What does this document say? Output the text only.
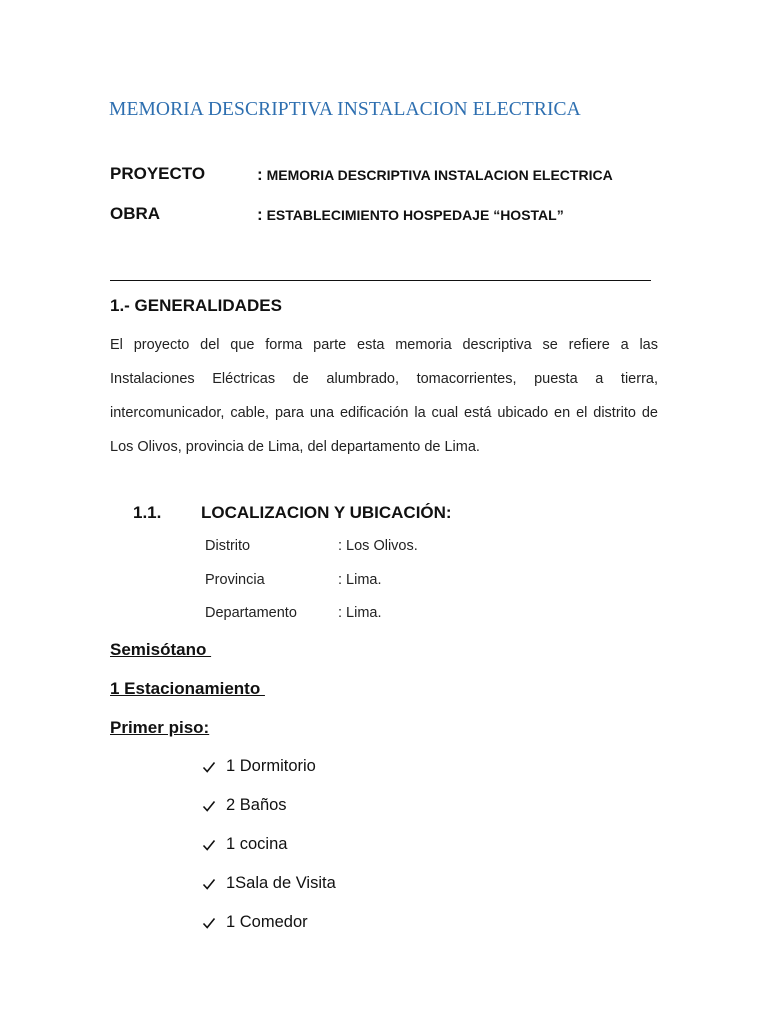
MEMORIA DESCRIPTIVA INSTALACION ELECTRICA
PROYECTO	: MEMORIA DESCRIPTIVA INSTALACION ELECTRICA
OBRA	: ESTABLECIMIENTO HOSPEDAJE “HOSTAL”
1.- GENERALIDADES
El proyecto del que forma parte esta memoria descriptiva se refiere a las Instalaciones Eléctricas de alumbrado, tomacorrientes, puesta a tierra, intercomunicador, cable, para una edificación la cual está ubicado en el distrito de Los Olivos, provincia de Lima, del departamento de Lima.
1.1. LOCALIZACION Y UBICACIÓN:
Distrito	: Los Olivos.
Provincia	: Lima.
Departamento	: Lima.
Semisótano
1 Estacionamiento
Primer piso:
1 Dormitorio
2 Baños
1 cocina
1Sala de Visita
1 Comedor
